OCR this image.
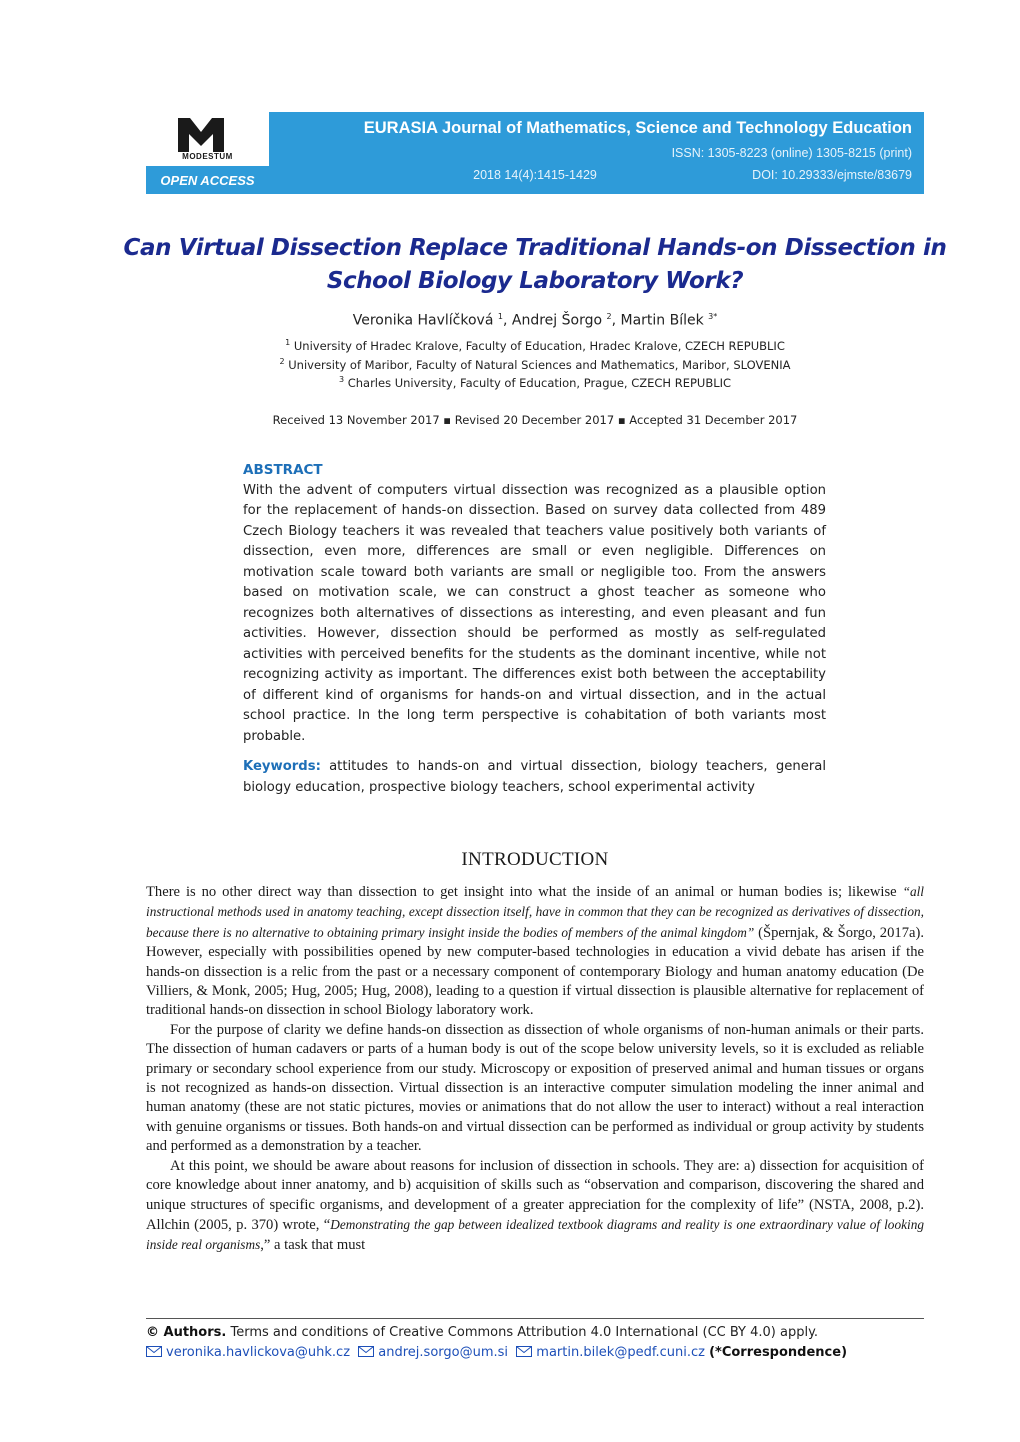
MODESTUM
OPEN ACCESS
EURASIA Journal of Mathematics, Science and Technology Education
ISSN: 1305-8223 (online) 1305-8215 (print)
2018 14(4):1415-1429	DOI: 10.29333/ejmste/83679
Can Virtual Dissection Replace Traditional Hands-on Dissection in School Biology Laboratory Work?
Veronika Havlíčková $^1$, Andrej Šorgo $^2$, Martin Bílek $^{3*}$
$^1$ University of Hradec Kralove, Faculty of Education, Hradec Kralove, CZECH REPUBLIC
$^2$ University of Maribor, Faculty of Natural Sciences and Mathematics, Maribor, SLOVENIA
$^3$ Charles University, Faculty of Education, Prague, CZECH REPUBLIC
Received 13 November 2017 ▪ Revised 20 December 2017 ▪ Accepted 31 December 2017
ABSTRACT
With the advent of computers virtual dissection was recognized as a plausible option for the replacement of hands-on dissection. Based on survey data collected from 489 Czech Biology teachers it was revealed that teachers value positively both variants of dissection, even more, differences are small or even negligible. Differences on motivation scale toward both variants are small or negligible too. From the answers based on motivation scale, we can construct a ghost teacher as someone who recognizes both alternatives of dissections as interesting, and even pleasant and fun activities. However, dissection should be performed as mostly as self-regulated activities with perceived benefits for the students as the dominant incentive, while not recognizing activity as important. The differences exist both between the acceptability of different kind of organisms for hands-on and virtual dissection, and in the actual school practice. In the long term perspective is cohabitation of both variants most probable.
Keywords: attitudes to hands-on and virtual dissection, biology teachers, general biology education, prospective biology teachers, school experimental activity
INTRODUCTION

There is no other direct way than dissection to get insight into what the inside of an animal or human bodies is; likewise “all instructional methods used in anatomy teaching, except dissection itself, have in common that they can be recognized as derivatives of dissection, because there is no alternative to obtaining primary insight inside the bodies of members of the animal kingdom” (Špernjak, & Šorgo, 2017a). However, especially with possibilities opened by new computer-based technologies in education a vivid debate has arisen if the hands-on dissection is a relic from the past or a necessary component of contemporary Biology and human anatomy education (De Villiers, & Monk, 2005; Hug, 2005; Hug, 2008), leading to a question if virtual dissection is plausible alternative for replacement of traditional hands-on dissection in school Biology laboratory work.

For the purpose of clarity we define hands-on dissection as dissection of whole organisms of non-human animals or their parts. The dissection of human cadavers or parts of a human body is out of the scope below university levels, so it is excluded as reliable primary or secondary school experience from our study. Microscopy or exposition of preserved animal and human tissues or organs is not recognized as hands-on dissection. Virtual dissection is an interactive computer simulation modeling the inner animal and human anatomy (these are not static pictures, movies or animations that do not allow the user to interact) without a real interaction with genuine organisms or tissues. Both hands-on and virtual dissection can be performed as individual or group activity by students and performed as a demonstration by a teacher.

At this point, we should be aware about reasons for inclusion of dissection in schools. They are: a) dissection for acquisition of core knowledge about inner anatomy, and b) acquisition of skills such as “observation and comparison, discovering the shared and unique structures of specific organisms, and development of a greater appreciation for the complexity of life” (NSTA, 2008, p.2). Allchin (2005, p. 370) wrote, “Demonstrating the gap between idealized textbook diagrams and reality is one extraordinary value of looking inside real organisms,” a task that must

© Authors. Terms and conditions of Creative Commons Attribution 4.0 International (CC BY 4.0) apply.
veronika.havlickova@uhk.cz andrej.sorgo@um.si martin.bilek@pedf.cuni.cz (*Correspondence)
